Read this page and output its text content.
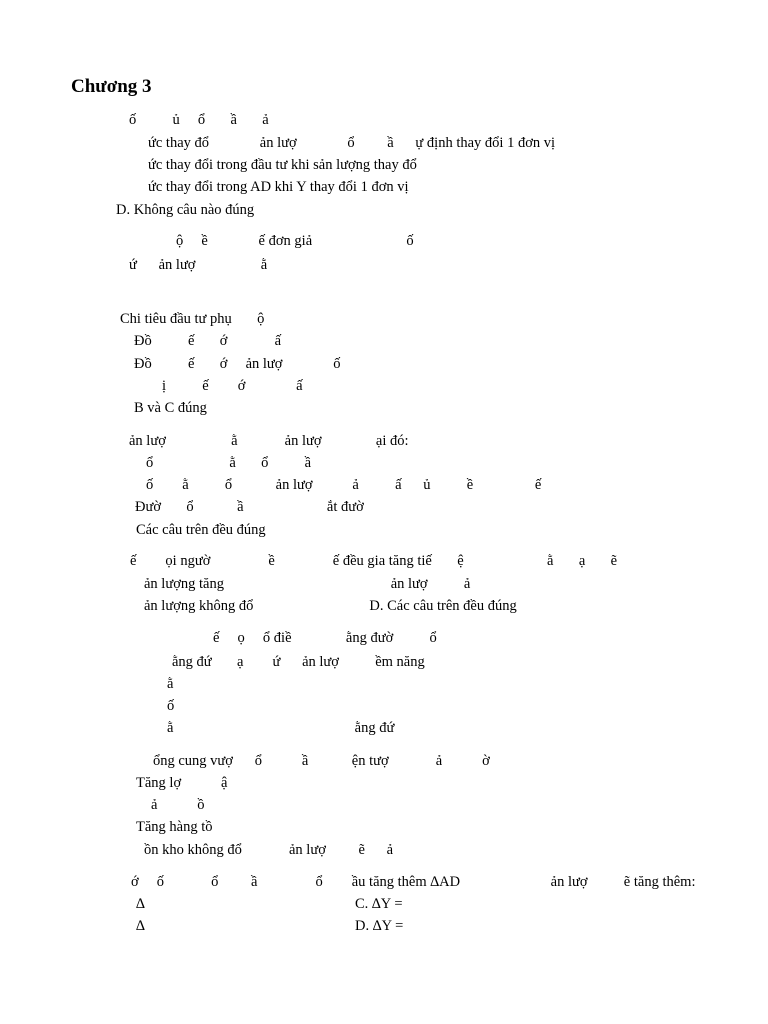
Chương 3
ố          ủ     ổ       ầ       ả
ức thay đổ              ản lượ              ổ         ầ      ự định thay đổi 1 đơn vị
ức thay đổi trong đầu tư khi sản lượng thay đổ
ức thay đổi trong AD khi Y thay đổi 1 đơn vị
D. Không câu nào đúng
ộ     ề              ế đơn giả                          ố
ứ      ản lượ                  ằ
Chi tiêu đầu tư phụ       ộ
Đồ          ế       ớ             ấ
Đồ          ế       ớ     ản lượ              ố
ị          ế        ớ              ấ
B và C đúng
ản lượ                  ằ             ản lượ               ại đó:
ổ                     ằ       ổ          ầ
ố        ằ          ổ            ản lượ           ả          ấ      ủ          ề                 ế
Đườ       ổ            ầ                       ắt đườ
Các câu trên đều đúng
ế        ọi ngườ                ề                ế đều gia tăng tiế       ệ                       ằ       ạ       ẽ
ản lượng tăng                                              ản lượ          ả
ản lượng không đổ                                D. Các câu trên đều đúng
ế     ọ     ổ điề               ằng đườ          ổ
ằng đứ       ạ        ứ      ản lượ          ềm năng
ằ
ố
ằ                                                  ằng đứ
ổng cung vượ      ổ           ầ            ện tượ             ả           ờ
Tăng lợ           ậ
ả           ồ
Tăng hàng tồ
ồn kho không đổ             ản lượ         ẽ      ả
ớ     ố             ổ         ầ                ổ        ầu tăng thêm ∆AD                         ản lượ          ẽ tăng thêm:
∆	C. ∆Y =
∆	D. ∆Y =
